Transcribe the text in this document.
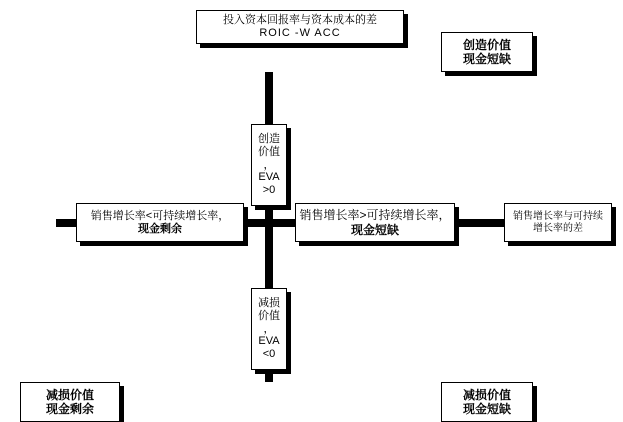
投入资本回报率与资本成本的差
ROIC -W ACC
创造价值
现金短缺
创造
价值
，
EVA
>0
销售增长率<可持续增长率，
现金剩余
销售增长率>可持续增长率，
现金短缺
销售增长率与可持续
增长率的差
减损
价值
，
EVA
<0
减损价值
现金剩余
减损价值
现金短缺
